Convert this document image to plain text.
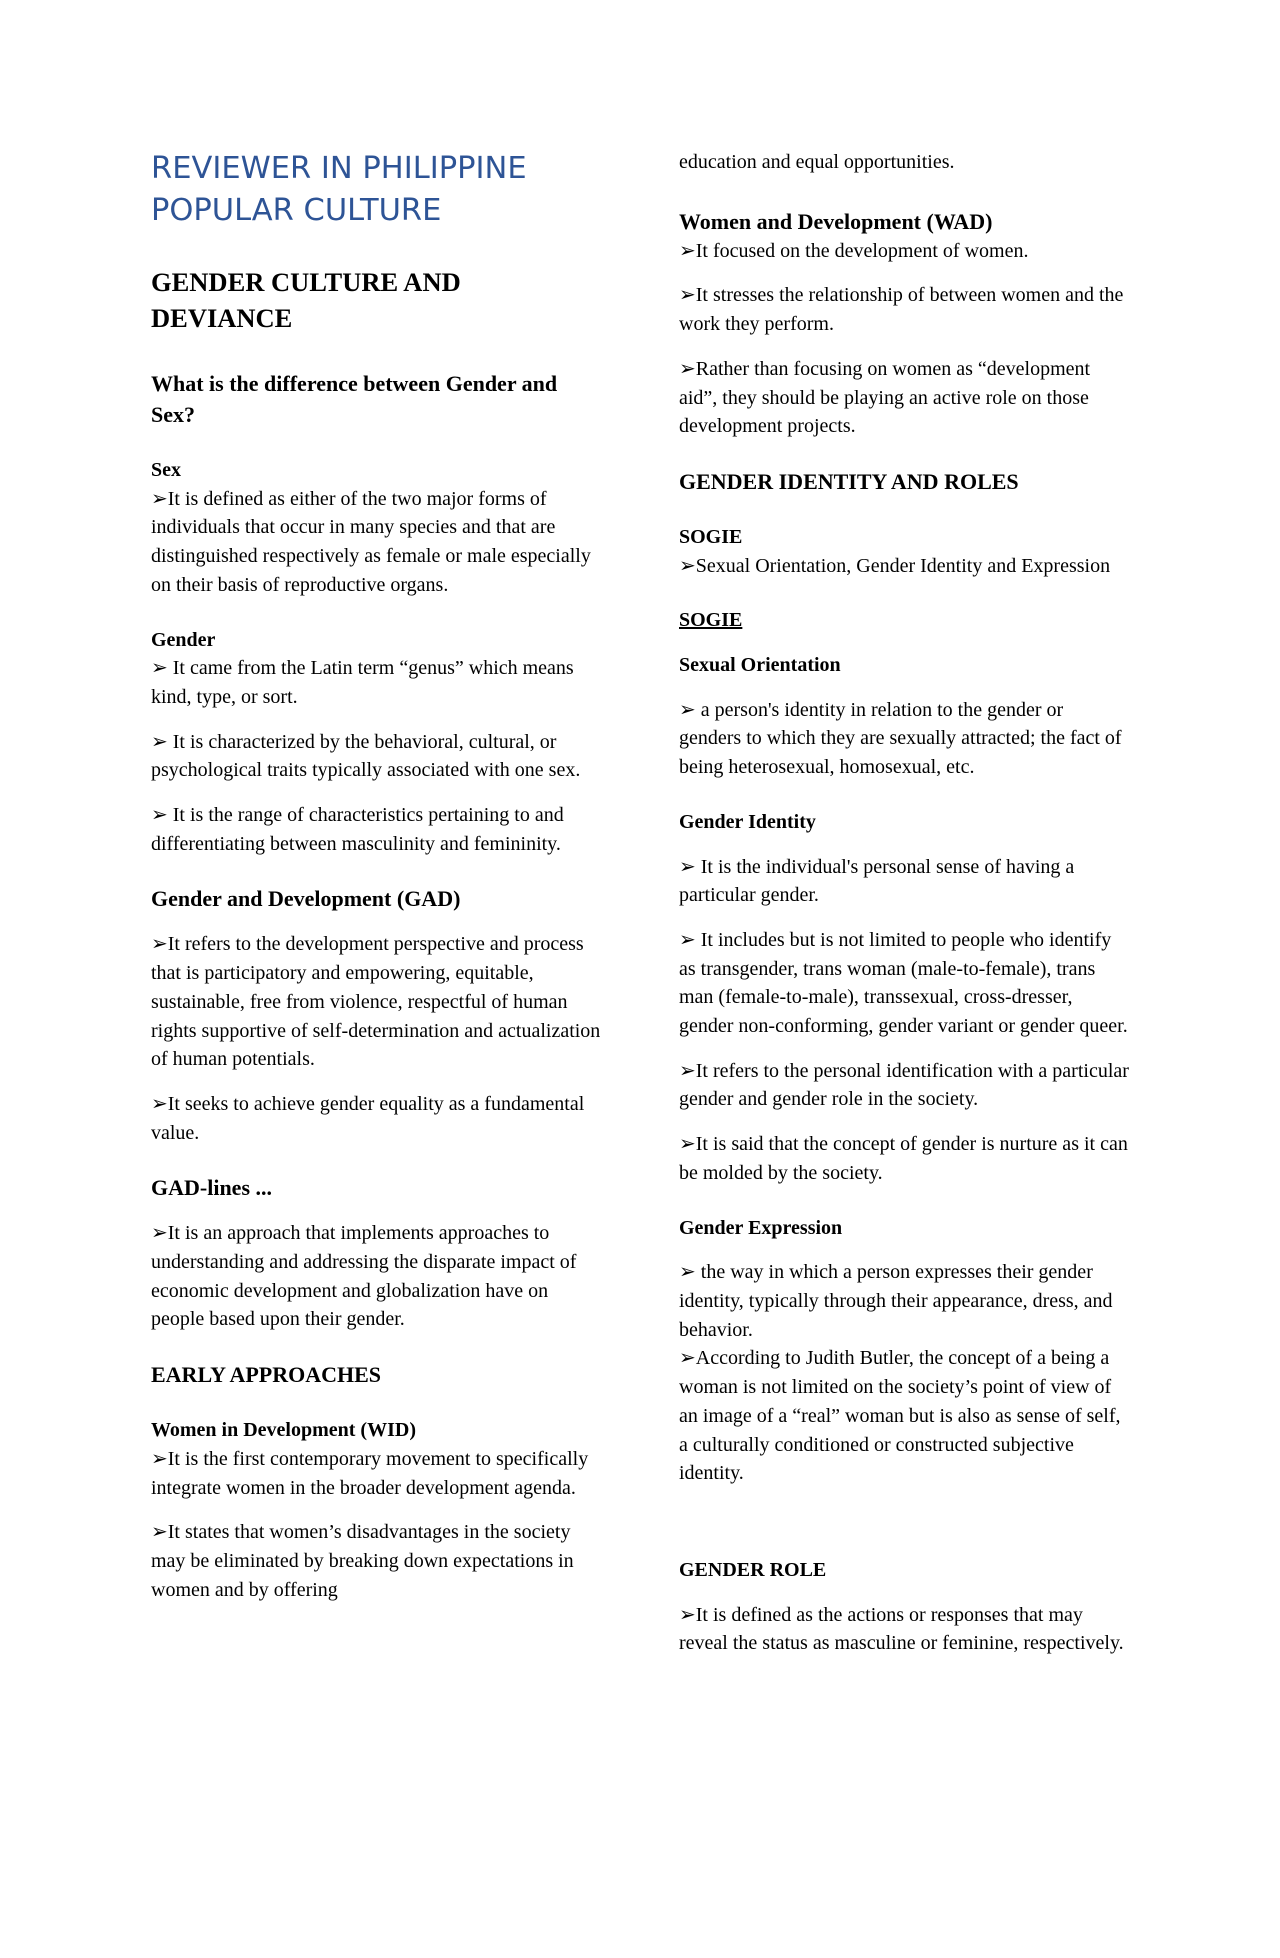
REVIEWER IN PHILIPPINE POPULAR CULTURE
GENDER CULTURE AND DEVIANCE
What is the difference between Gender and Sex?
Sex
➢It is defined as either of the two major forms of individuals that occur in many species and that are distinguished respectively as female or male especially on their basis of reproductive organs.
Gender
➢ It came from the Latin term “genus” which means kind, type, or sort.
➢ It is characterized by the behavioral, cultural, or psychological traits typically associated with one sex.
➢ It is the range of characteristics pertaining to and differentiating between masculinity and femininity.
Gender and Development (GAD)
➢It refers to the development perspective and process that is participatory and empowering, equitable, sustainable, free from violence, respectful of human rights supportive of self-determination and actualization of human potentials.
➢It seeks to achieve gender equality as a fundamental value.
GAD-lines ...
➢It is an approach that implements approaches to understanding and addressing the disparate impact of economic development and globalization have on people based upon their gender.
EARLY APPROACHES
Women in Development (WID)
➢It is the first contemporary movement to specifically integrate women in the broader development agenda.
➢It states that women’s disadvantages in the society may be eliminated by breaking down expectations in women and by offering
education and equal opportunities.
Women and Development (WAD)
➢It focused on the development of women.
➢It stresses the relationship of between women and the work they perform.
➢Rather than focusing on women as “development aid”, they should be playing an active role on those development projects.
GENDER IDENTITY AND ROLES
SOGIE
➢Sexual Orientation, Gender Identity and Expression
SOGIE
Sexual Orientation
➢ a person's identity in relation to the gender or genders to which they are sexually attracted; the fact of being heterosexual, homosexual, etc.
Gender Identity
➢ It is the individual's personal sense of having a particular gender.
➢ It includes but is not limited to people who identify as transgender, trans woman (male-to-female), trans man (female-to-male), transsexual, cross-dresser, gender non-conforming, gender variant or gender queer.
➢It refers to the personal identification with a particular gender and gender role in the society.
➢It is said that the concept of gender is nurture as it can be molded by the society.
Gender Expression
➢ the way in which a person expresses their gender identity, typically through their appearance, dress, and behavior.
➢According to Judith Butler, the concept of a being a woman is not limited on the society’s point of view of an image of a “real” woman but is also as sense of self, a culturally conditioned or constructed subjective identity.
GENDER ROLE
➢It is defined as the actions or responses that may reveal the status as masculine or feminine, respectively.
